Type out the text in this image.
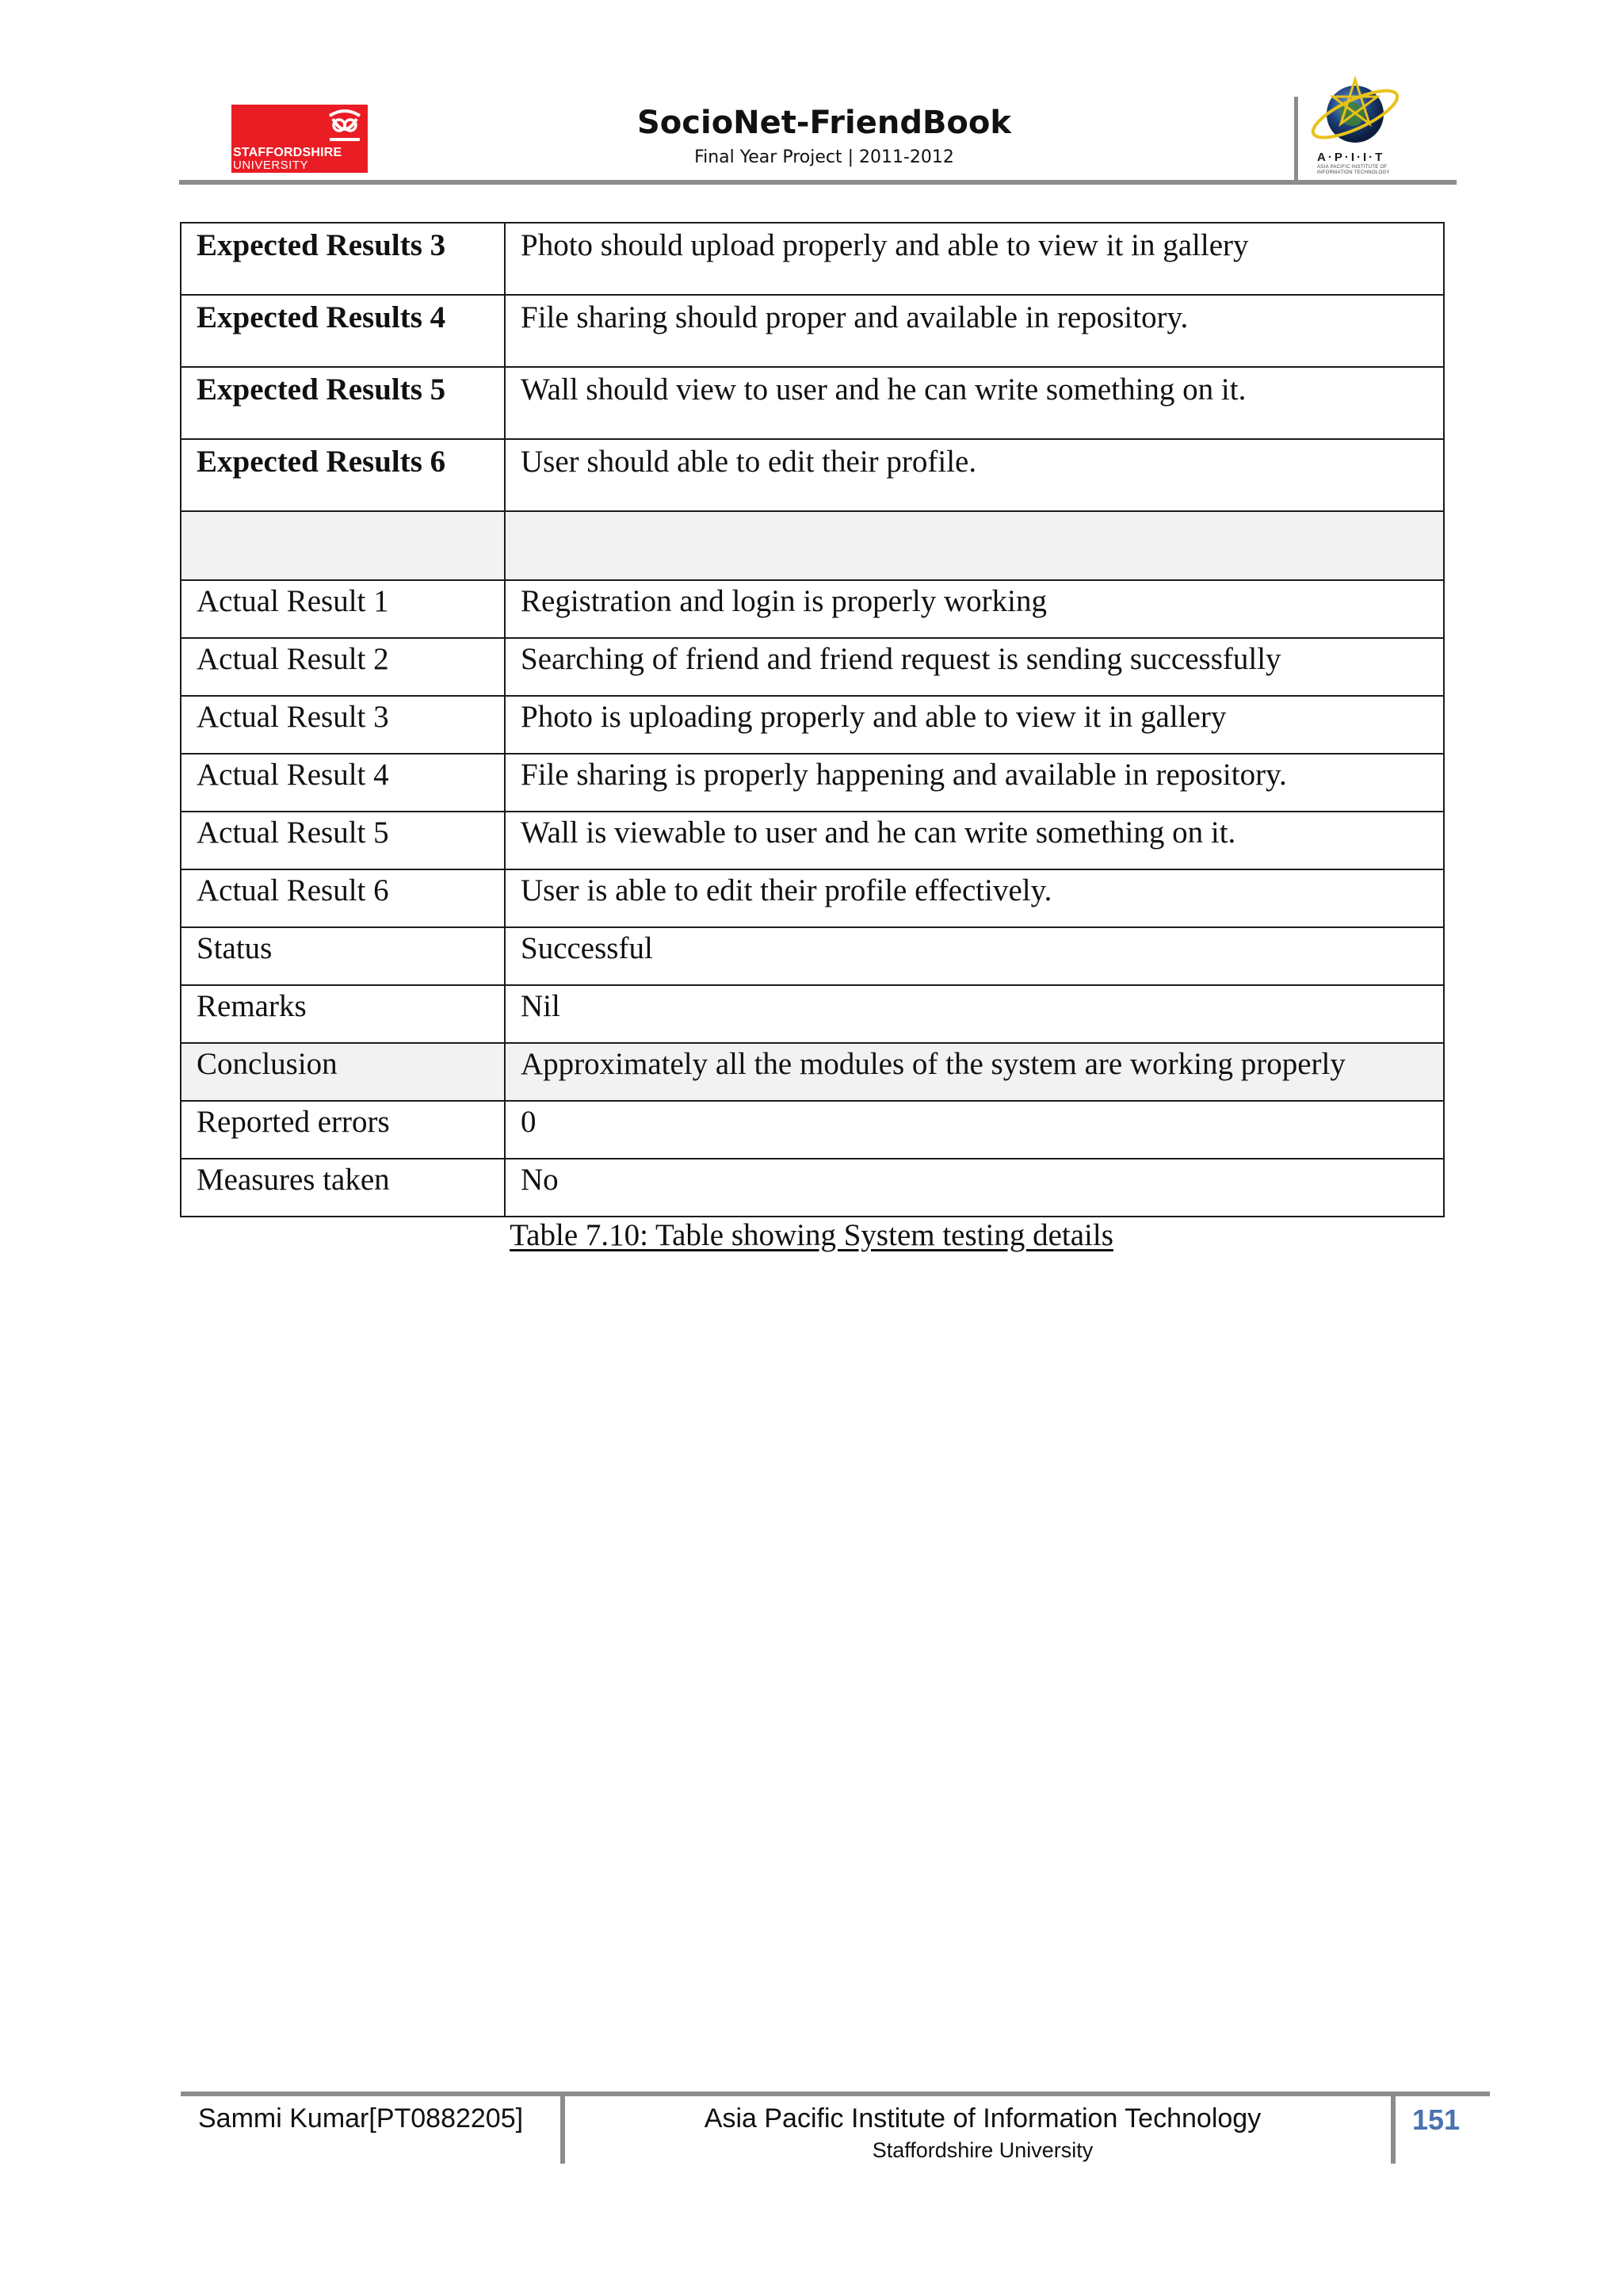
STAFFORDSHIRE
UNIVERSITY
SocioNet-FriendBook
Final Year Project | 2011-2012	A·P·I·I·T
ASIA PACIFIC INSTITUTE OF
INFORMATION TECHNOLOGY
Expected Results 3	Photo should upload properly and able to view it in gallery
Expected Results 4	File sharing should proper and available in repository.
Expected Results 5	Wall should view to user and he can write something on it.
Expected Results 6	User should able to edit their profile.

Actual Result 1	Registration and login is properly working
Actual Result 2	Searching of friend and friend request is sending successfully
Actual Result 3	Photo is uploading properly and able to view it in gallery
Actual Result 4	File sharing is properly happening and available in repository.
Actual Result 5	Wall is viewable to user and he can write something on it.
Actual Result 6	User is able to edit their profile effectively.
Status	Successful
Remarks	Nil
Conclusion	Approximately all the modules of the system are working properly
Reported errors	0
Measures taken	No
Table 7.10: Table showing System testing details
Sammi Kumar[PT0882205]	Asia Pacific Institute of Information Technology
Staffordshire University
151
